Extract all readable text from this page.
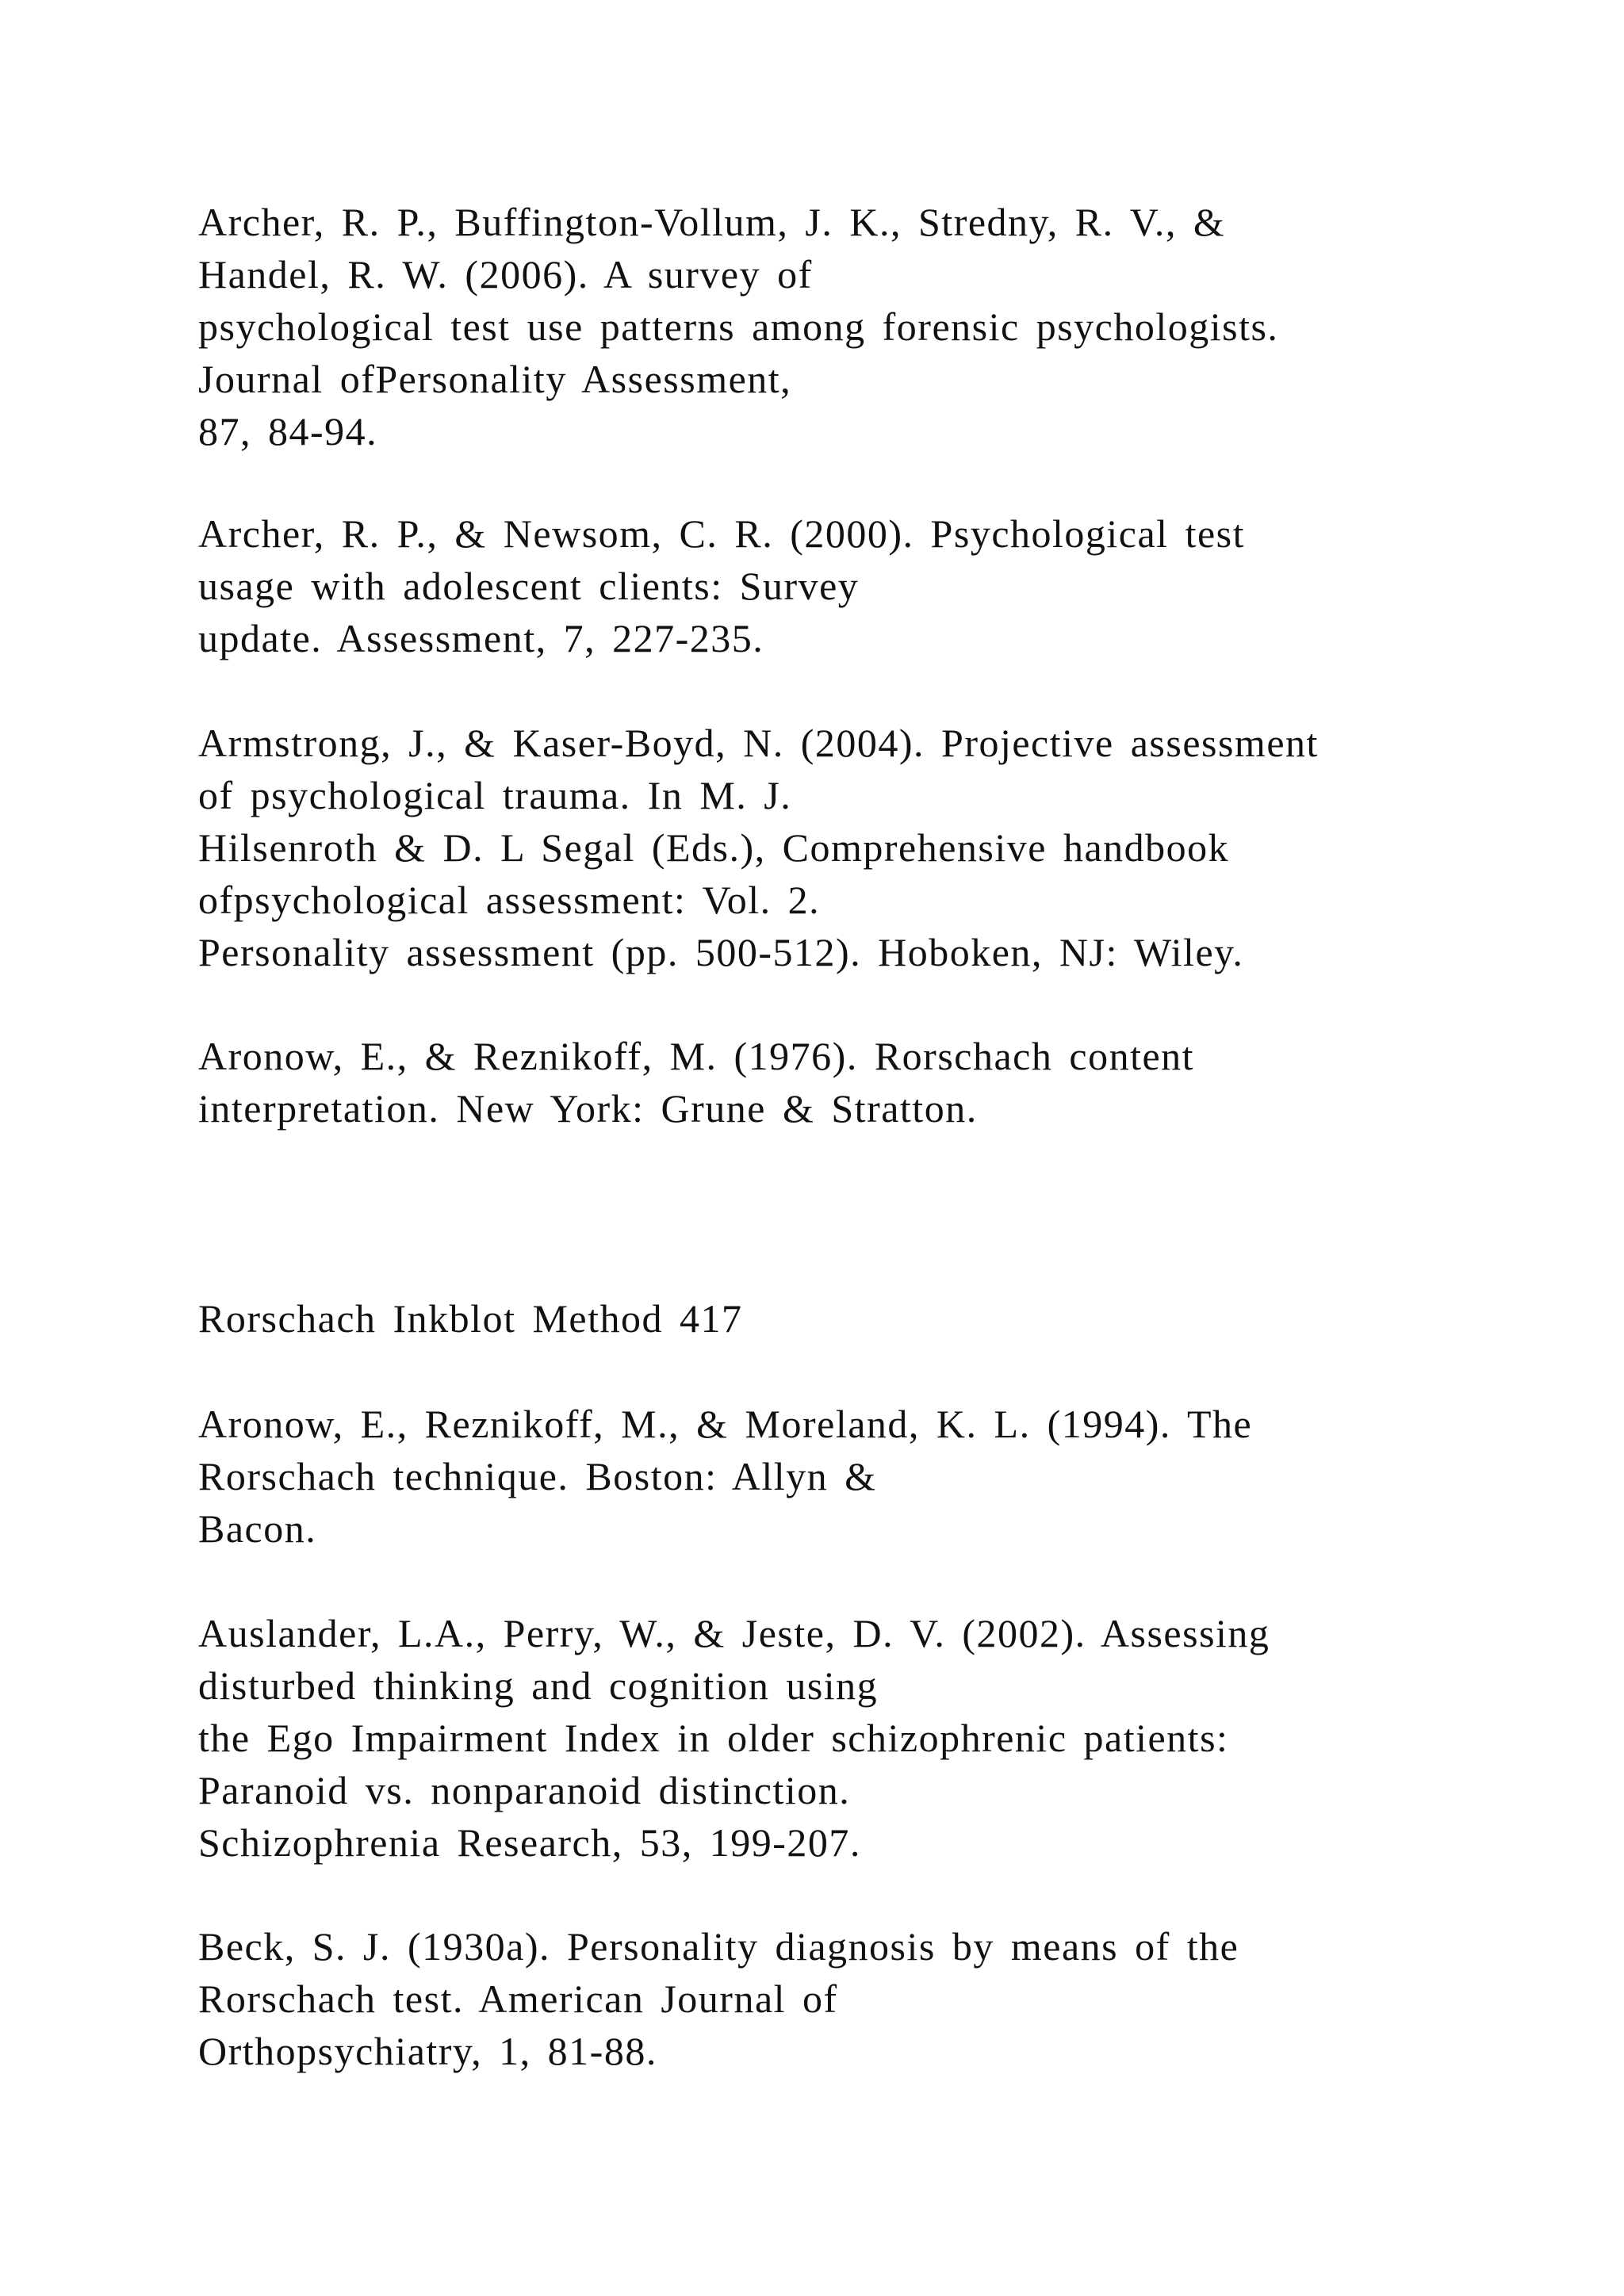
Archer, R. P., Buffington-Vollum, J. K., Stredny, R. V., &
Handel, R. W. (2006). A survey of
psychological test use patterns among forensic psychologists.
Journal ofPersonality Assessment,
87, 84-94.
Archer, R. P., & Newsom, C. R. (2000). Psychological test
usage with adolescent clients: Survey
update. Assessment, 7, 227-235.
Armstrong, J., & Kaser-Boyd, N. (2004). Projective assessment
of psychological trauma. In M. J.
Hilsenroth & D. L Segal (Eds.), Comprehensive handbook
ofpsychological assessment: Vol. 2.
Personality assessment (pp. 500-512). Hoboken, NJ: Wiley.
Aronow, E., & Reznikoff, M. (1976). Rorschach content
interpretation. New York: Grune & Stratton.
Rorschach Inkblot Method 417
Aronow, E., Reznikoff, M., & Moreland, K. L. (1994). The
Rorschach technique. Boston: Allyn &
Bacon.
Auslander, L.A., Perry, W., & Jeste, D. V. (2002). Assessing
disturbed thinking and cognition using
the Ego Impairment Index in older schizophrenic patients:
Paranoid vs. nonparanoid distinction.
Schizophrenia Research, 53, 199-207.
Beck, S. J. (1930a). Personality diagnosis by means of the
Rorschach test. American Journal of
Orthopsychiatry, 1, 81-88.
